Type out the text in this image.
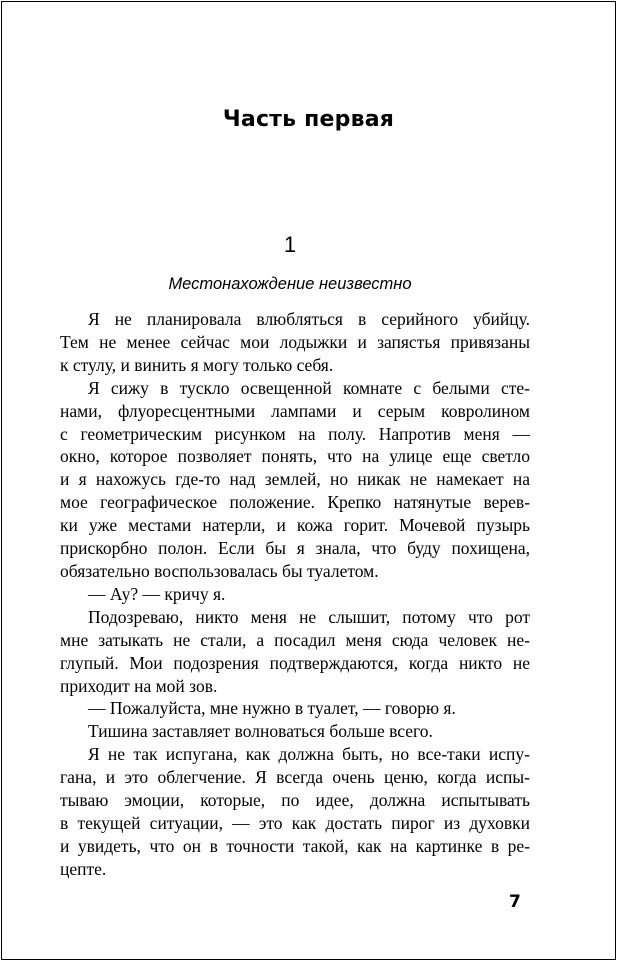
Часть первая
1
Местонахождение неизвестно
Я не планировала влюбляться в серийного убийцу.
Тем не менее сейчас мои лодыжки и запястья привязаны
к стулу, и винить я могу только себя.
Я сижу в тускло освещенной комнате с белыми сте-
нами, флуоресцентными лампами и серым ковролином
с геометрическим рисунком на полу. Напротив меня —
окно, которое позволяет понять, что на улице еще светло
и я нахожусь где-то над землей, но никак не намекает на
мое географическое положение. Крепко натянутые верев-
ки уже местами натерли, и кожа горит. Мочевой пузырь
прискорбно полон. Если бы я знала, что буду похищена,
обязательно воспользовалась бы туалетом.
— Ау? — кричу я.
Подозреваю, никто меня не слышит, потому что рот
мне затыкать не стали, а посадил меня сюда человек не-
глупый. Мои подозрения подтверждаются, когда никто не
приходит на мой зов.
— Пожалуйста, мне нужно в туалет, — говорю я.
Тишина заставляет волноваться больше всего.
Я не так испугана, как должна быть, но все-таки испу-
гана, и это облегчение. Я всегда очень ценю, когда испы-
тываю эмоции, которые, по идее, должна испытывать
в текущей ситуации, — это как достать пирог из духовки
и увидеть, что он в точности такой, как на картинке в ре-
цепте.
7
